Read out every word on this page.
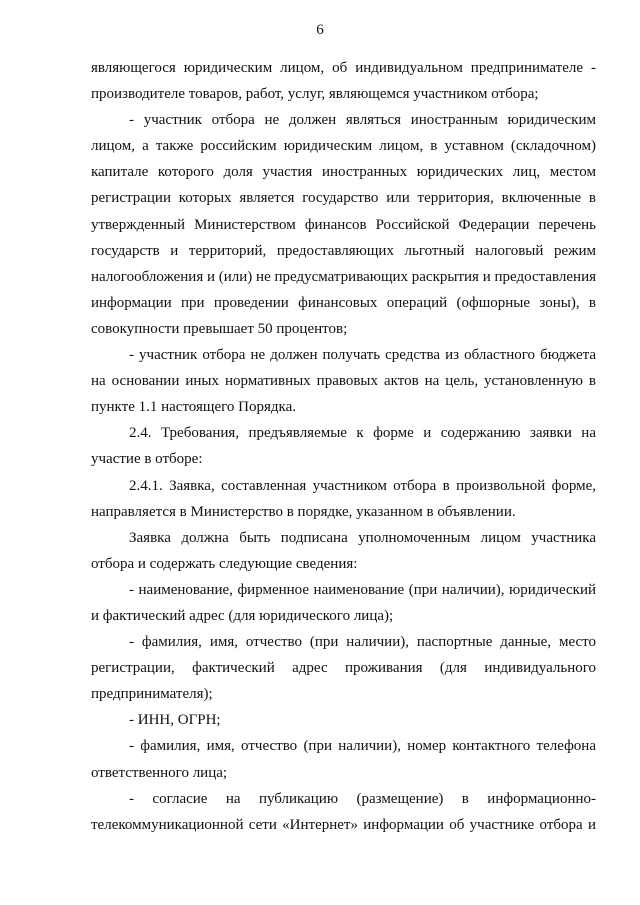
6

являющегося юридическим лицом, об индивидуальном предпринимателе - производителе товаров, работ, услуг, являющемся участником отбора;

- участник отбора не должен являться иностранным юридическим лицом, а также российским юридическим лицом, в уставном (складочном) капитале которого доля участия иностранных юридических лиц, местом регистрации которых является государство или территория, включенные в утвержденный Министерством финансов Российской Федерации перечень государств и территорий, предоставляющих льготный налоговый режим налогообложения и (или) не предусматривающих раскрытия и предоставления информации при проведении финансовых операций (офшорные зоны), в совокупности превышает 50 процентов;

- участник отбора не должен получать средства из областного бюджета на основании иных нормативных правовых актов на цель, установленную в пункте 1.1 настоящего Порядка.

2.4. Требования, предъявляемые к форме и содержанию заявки на участие в отборе:

2.4.1. Заявка, составленная участником отбора в произвольной форме, направляется в Министерство в порядке, указанном в объявлении.

Заявка должна быть подписана уполномоченным лицом участника отбора и содержать следующие сведения:

- наименование, фирменное наименование (при наличии), юридический и фактический адрес (для юридического лица);

- фамилия, имя, отчество (при наличии), паспортные данные, место регистрации, фактический адрес проживания (для индивидуального предпринимателя);

- ИНН, ОГРН;

- фамилия, имя, отчество (при наличии), номер контактного телефона ответственного лица;

- согласие на публикацию (размещение) в информационно-телекоммуникационной сети «Интернет» информации об участнике отбора и
